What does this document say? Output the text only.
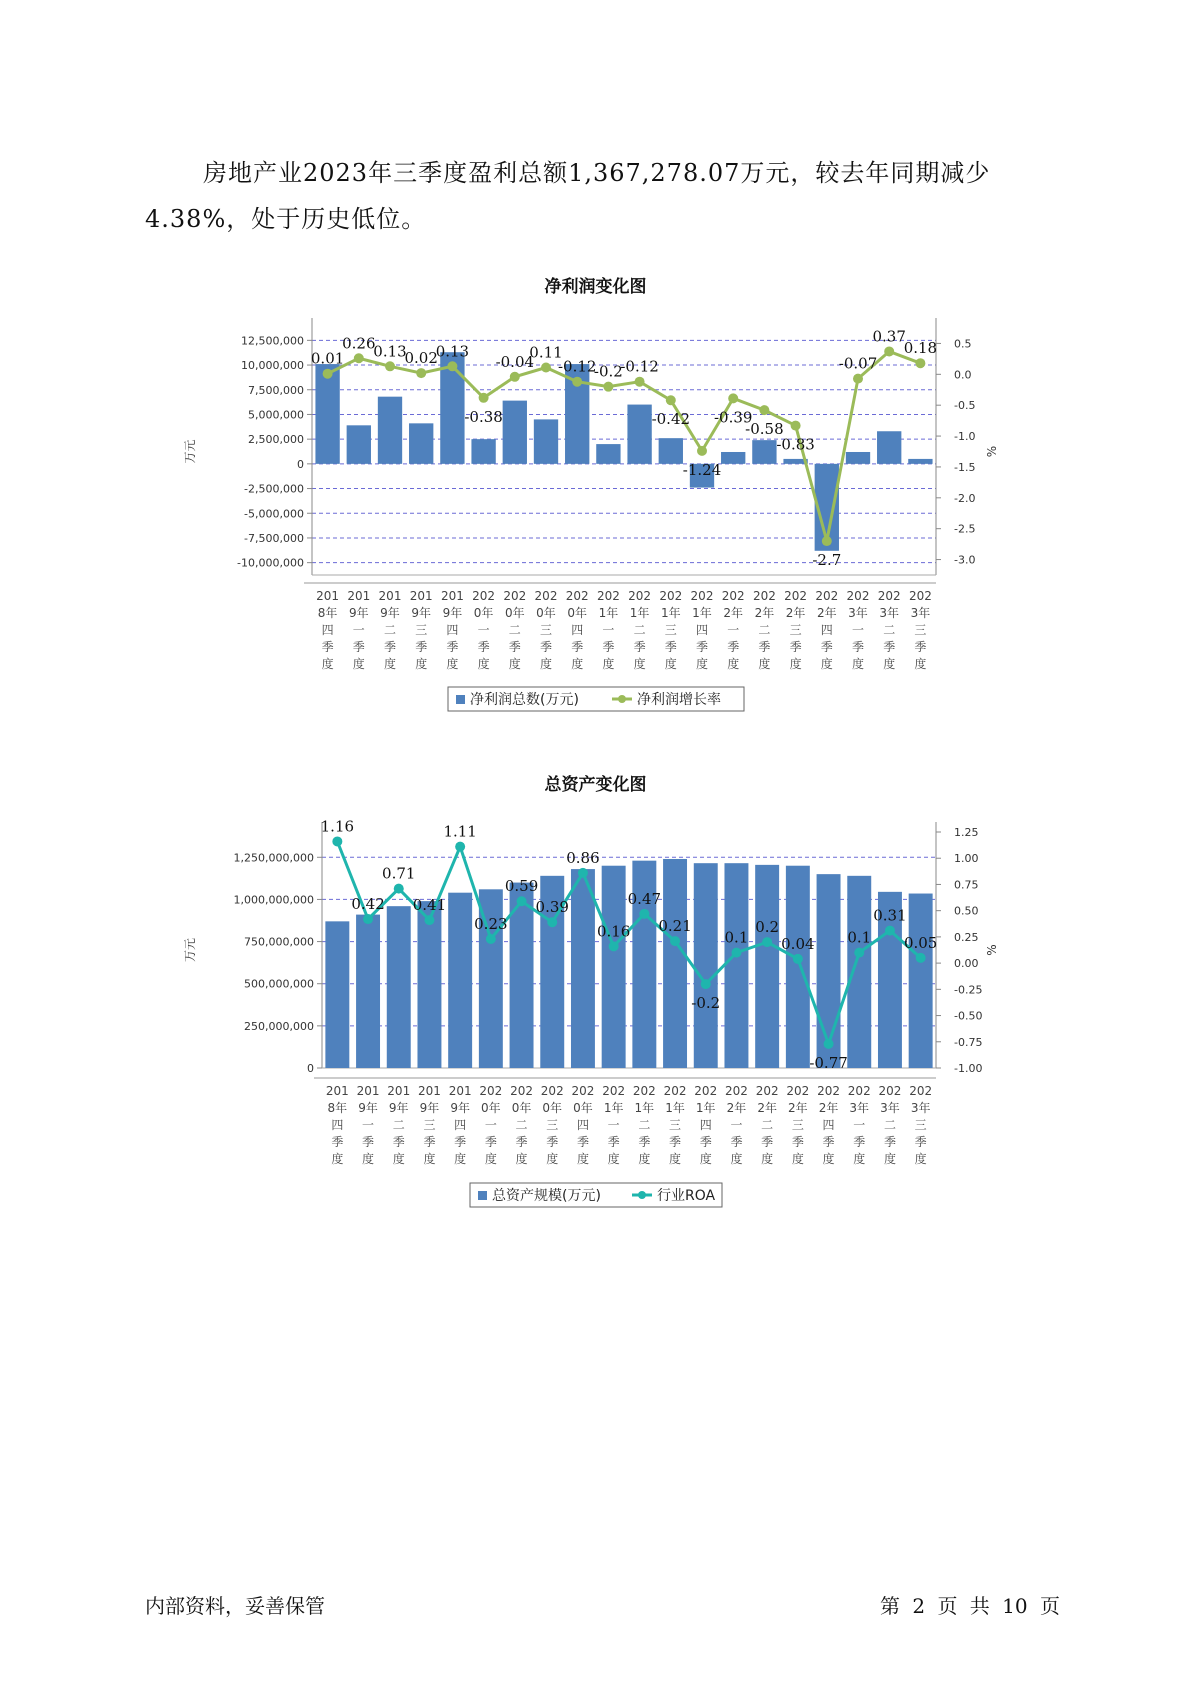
房地产业2023年三季度盈利总额1,367,278.07万元，较去年同期减少4.38%，处于历史低位。

净利润变化图
-10,000,000
-7,500,000
-5,000,000
-2,500,000
0
2,500,000
5,000,000
7,500,000
10,000,000
12,500,000
-3.0
-2.5
-2.0
-1.5
-1.0
-0.5
0.0
0.5
万元	%
0.01
0.26
0.13
0.02
0.13
-0.38
-0.04
0.11
-0.12
-0.2
-0.12
-0.42
-1.24
-0.39
-0.58
-0.83
-2.7
-0.07
0.37
0.18
201
8年
四
季
度
201
9年
一
季
度
201
9年
二
季
度
201
9年
三
季
度
201
9年
四
季
度
202
0年
一
季
度
202
0年
二
季
度
202
0年
三
季
度
202
0年
四
季
度
202
1年
一
季
度
202
1年
二
季
度
202
1年
三
季
度
202
1年
四
季
度
202
2年
一
季
度
202
2年
二
季
度
202
2年
三
季
度
202
2年
四
季
度
202
3年
一
季
度
202
3年
二
季
度
202
3年
三
季
度
净利润总数(万元)	净利润增长率
总资产变化图
0
250,000,000
500,000,000
750,000,000
1,000,000,000
1,250,000,000
-1.00
-0.75
-0.50
-0.25
0.00
0.25
0.50
0.75
1.00
1.25
万元	%
1.16
0.42
0.71
0.41
1.11
0.23
0.59
0.39
0.86
0.16
0.47
0.21
-0.2
0.1
0.2
0.04
-0.77
0.1
0.31
0.05
201
8年
四
季
度
201
9年
一
季
度
201
9年
二
季
度
201
9年
三
季
度
201
9年
四
季
度
202
0年
一
季
度
202
0年
二
季
度
202
0年
三
季
度
202
0年
四
季
度
202
1年
一
季
度
202
1年
二
季
度
202
1年
三
季
度
202
1年
四
季
度
202
2年
一
季
度
202
2年
二
季
度
202
2年
三
季
度
202
2年
四
季
度
202
3年
一
季
度
202
3年
二
季
度
202
3年
三
季
度
总资产规模(万元)	行业ROA
内部资料，妥善保管	第 2 页 共 10 页
